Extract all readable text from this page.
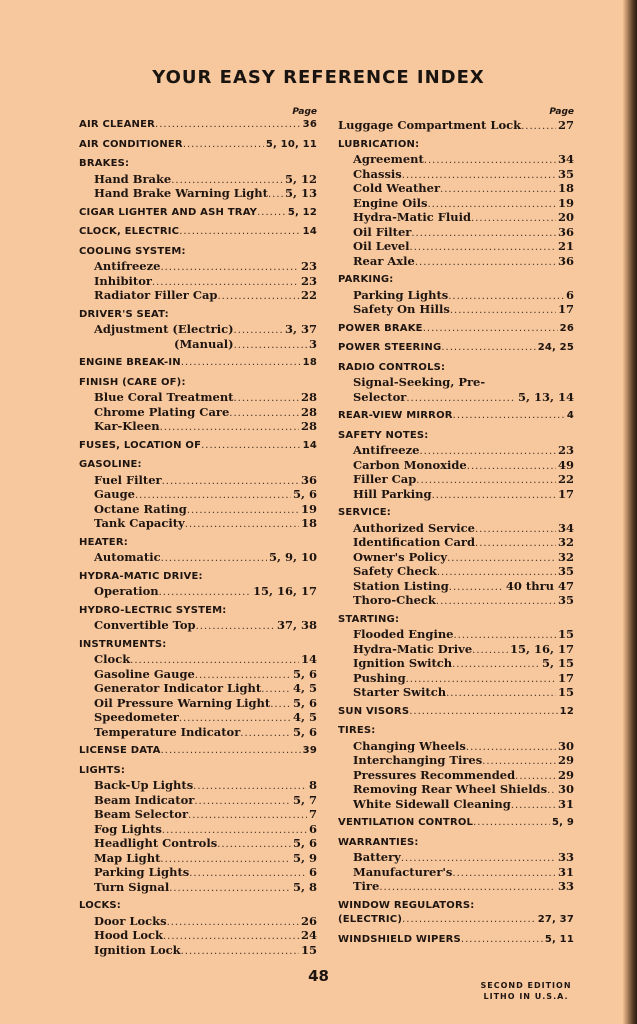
YOUR EASY REFERENCE INDEX
Page
AIR CLEANER .....	36
AIR CONDITIONER .....	5, 10, 11
BRAKES:
Hand Brake .....	5, 12
Hand Brake Warning Light ..... 5, 13
CIGAR LIGHTER AND ASH TRAY .....	5, 12
CLOCK, ELECTRIC .....	14
COOLING SYSTEM:
Antifreeze .....	23
Inhibitor .....	23
Radiator Filler Cap .....	22
DRIVER'S SEAT:
Adjustment (Electric) .....	3, 37
(Manual) .....	3
ENGINE BREAK-IN .....	18
FINISH (CARE OF):
Blue Coral Treatment .....	28
Chrome Plating Care .....	28
Kar-Kleen .....	28
FUSES, LOCATION OF .....	14
GASOLINE:
Fuel Filter .....	36
Gauge .....	5, 6
Octane Rating .....	19
Tank Capacity .....	18
HEATER:
Automatic .....	5, 9, 10
HYDRA-MATIC DRIVE:
Operation .....	15, 16, 17
HYDRO-LECTRIC SYSTEM:
Convertible Top .....	37, 38
INSTRUMENTS:
Clock .....	14
Gasoline Gauge .....	5, 6
Generator Indicator Light .....	4, 5
Oil Pressure Warning Light ..... 5, 6
Speedometer .....	4, 5
Temperature Indicator .....	5, 6
LICENSE DATA .....	39
LIGHTS:
Back-Up Lights .....	8
Beam Indicator .....	5, 7
Beam Selector .....	7
Fog Lights .....	6
Headlight Controls .....	5, 6
Map Light .....	5, 9
Parking Lights .....	6
Turn Signal .....	5, 8
LOCKS:
Door Locks .....	26
Hood Lock .....	24
Ignition Lock .....	15
Page
Luggage Compartment Lock .....	27
LUBRICATION:
Agreement .....	34
Chassis .....	35
Cold Weather .....	18
Engine Oils .....	19
Hydra-Matic Fluid .....	20
Oil Filter .....	36
Oil Level .....	21
Rear Axle .....	36
PARKING:
Parking Lights .....	6
Safety On Hills .....	17
POWER BRAKE .....	26
POWER STEERING .....	24, 25
RADIO CONTROLS:
Signal-Seeking, Pre-
Selector .....	5, 13, 14
REAR-VIEW MIRROR .....	4
SAFETY NOTES:
Antifreeze .....	23
Carbon Monoxide .....	49
Filler Cap .....	22
Hill Parking .....	17
SERVICE:
Authorized Service .....	34
Identification Card .....	32
Owner's Policy .....	32
Safety Check .....	35
Station Listing .....	40 thru 47
Thoro-Check .....	35
STARTING:
Flooded Engine .....	15
Hydra-Matic Drive .....	15, 16, 17
Ignition Switch .....	5, 15
Pushing .....	17
Starter Switch .....	15
SUN VISORS .....	12
TIRES:
Changing Wheels .....	30
Interchanging Tires .....	29
Pressures Recommended .....	29
Removing Rear Wheel Shields ..... 30
White Sidewall Cleaning .....	31
VENTILATION CONTROL .....	5, 9
WARRANTIES:
Battery .....	33
Manufacturer's .....	31
Tire .....	33
WINDOW REGULATORS:
(ELECTRIC) .....	27, 37
WINDSHIELD WIPERS .....	5, 11
48
SECOND EDITION
LITHO IN U.S.A.
